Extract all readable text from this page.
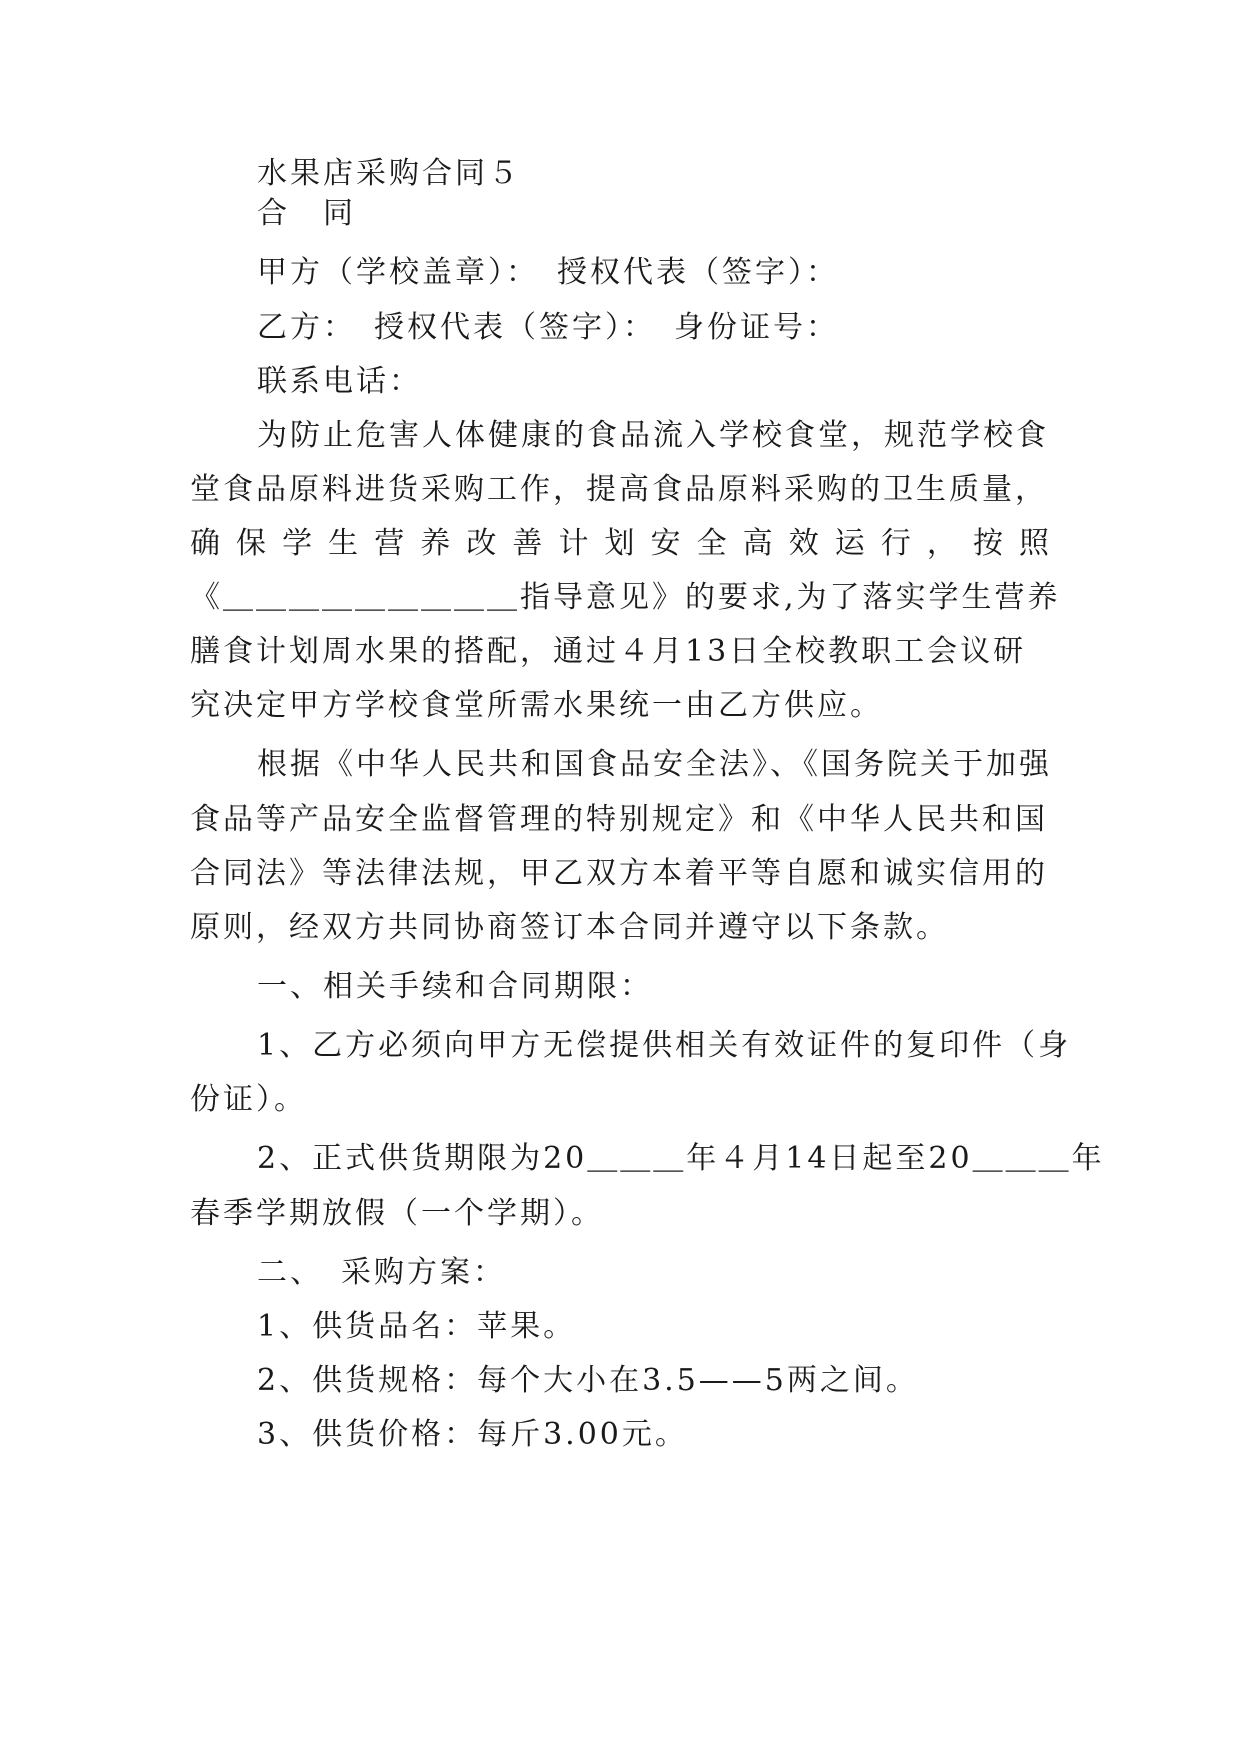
水果店采购合同５

合　同

甲方（学校盖章）：　授权代表（签字）：

乙方：　授权代表（签字）：　身份证号：

联系电话：

为防止危害人体健康的食品流入学校食堂，规范学校食

堂食品原料进货采购工作，提高食品原料采购的卫生质量，

确保学生营养改善计划安全高效运行，按照

《＿＿＿＿＿＿＿＿＿指导意见》的要求,为了落实学生营养

膳食计划周水果的搭配，通过４月13日全校教职工会议研

究决定甲方学校食堂所需水果统一由乙方供应。

根据《中华人民共和国食品安全法》、《国务院关于加强

食品等产品安全监督管理的特别规定》和《中华人民共和国

合同法》等法律法规，甲乙双方本着平等自愿和诚实信用的

原则，经双方共同协商签订本合同并遵守以下条款。

一、相关手续和合同期限：

1、乙方必须向甲方无偿提供相关有效证件的复印件（身

份证）。

2、正式供货期限为20＿＿＿年４月14日起至20＿＿＿年

春季学期放假（一个学期）。

二、　采购方案：

1、供货品名：苹果。

2、供货规格：每个大小在3.5——5两之间。

3、供货价格：每斤3.00元。
